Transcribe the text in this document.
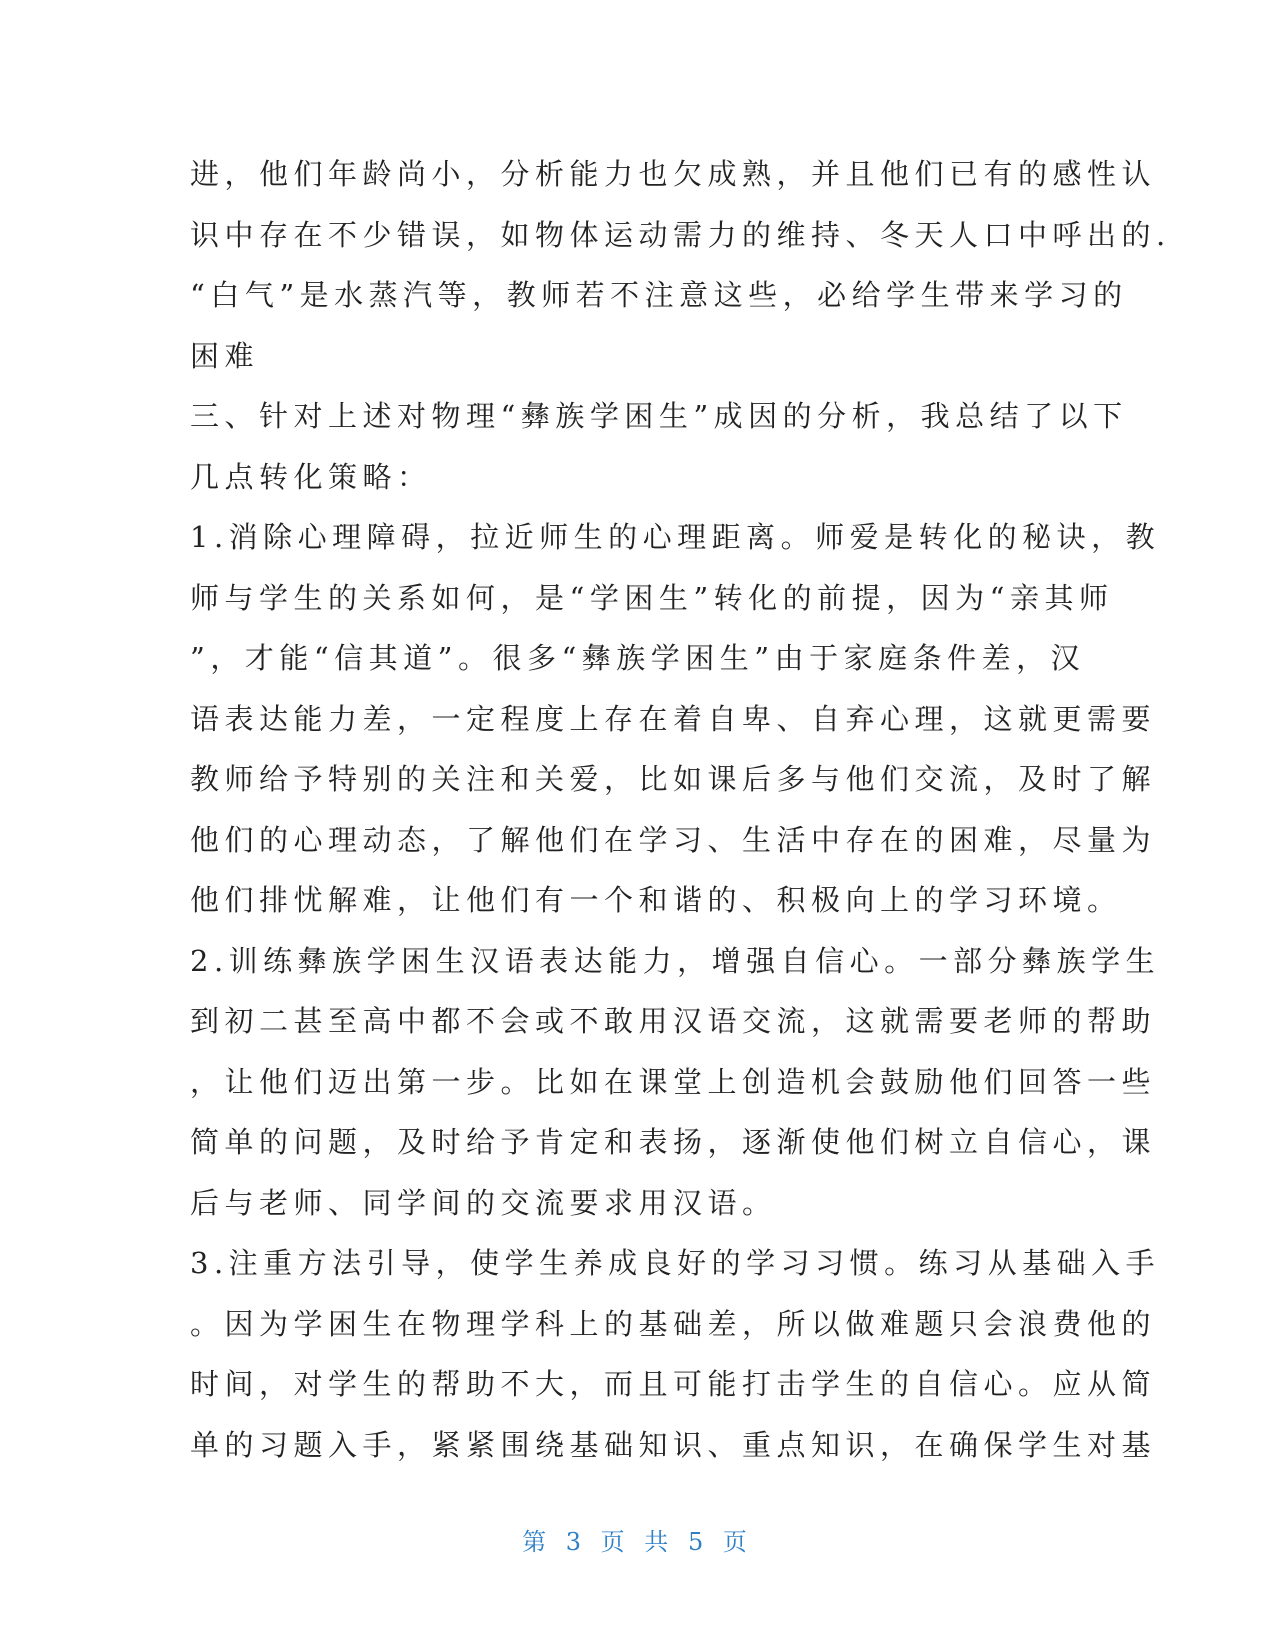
进，他们年龄尚小，分析能力也欠成熟，并且他们已有的感性认
识中存在不少错误，如物体运动需力的维持、冬天人口中呼出的.
“白气”是水蒸汽等，教师若不注意这些，必给学生带来学习的
困难
三、针对上述对物理“彝族学困生”成因的分析，我总结了以下
几点转化策略：
1.消除心理障碍，拉近师生的心理距离。师爱是转化的秘诀，教
师与学生的关系如何，是“学困生”转化的前提，因为“亲其师
”，才能“信其道”。很多“彝族学困生”由于家庭条件差，汉
语表达能力差，一定程度上存在着自卑、自弃心理，这就更需要
教师给予特别的关注和关爱，比如课后多与他们交流，及时了解
他们的心理动态，了解他们在学习、生活中存在的困难，尽量为
他们排忧解难，让他们有一个和谐的、积极向上的学习环境。
2.训练彝族学困生汉语表达能力，增强自信心。一部分彝族学生
到初二甚至高中都不会或不敢用汉语交流，这就需要老师的帮助
，让他们迈出第一步。比如在课堂上创造机会鼓励他们回答一些
简单的问题，及时给予肯定和表扬，逐渐使他们树立自信心，课
后与老师、同学间的交流要求用汉语。
3.注重方法引导，使学生养成良好的学习习惯。练习从基础入手
。因为学困生在物理学科上的基础差，所以做难题只会浪费他的
时间，对学生的帮助不大，而且可能打击学生的自信心。应从简
单的习题入手，紧紧围绕基础知识、重点知识，在确保学生对基
第 3 页 共 5 页
